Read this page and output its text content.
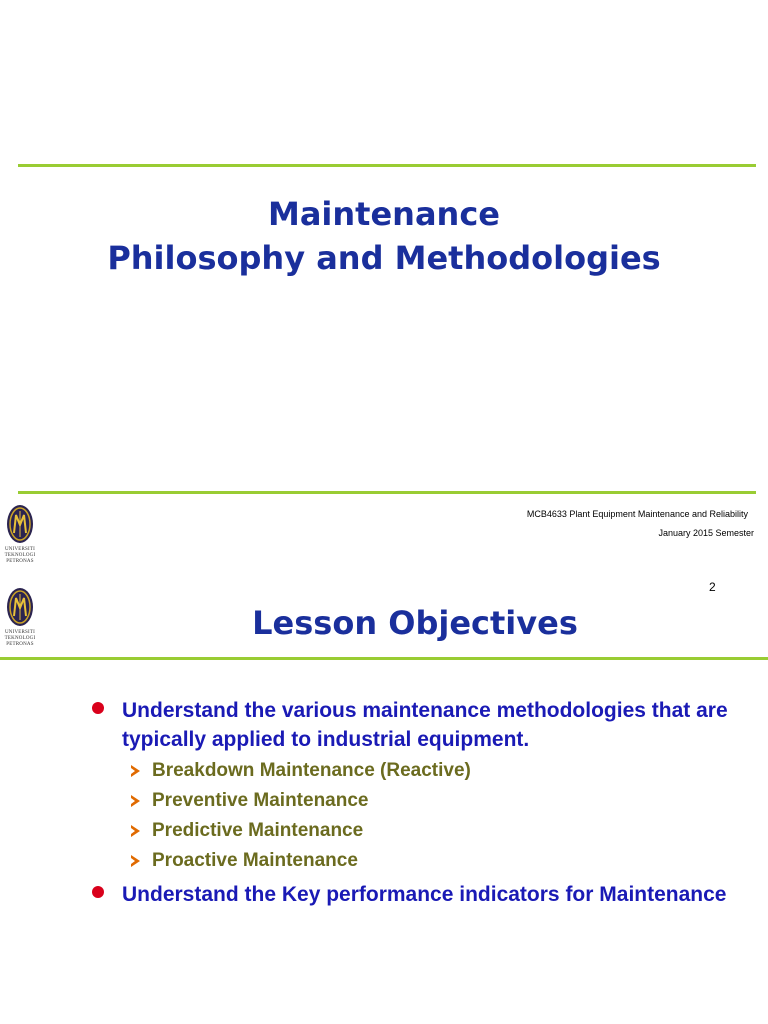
Maintenance
Philosophy and Methodologies
UNIVERSITI
TEKNOLOGI
PETRONAS
MCB4633 Plant Equipment Maintenance and Reliability
January 2015 Semester
UNIVERSITI
TEKNOLOGI
PETRONAS
2
Lesson Objectives
Understand the various maintenance methodologies that are typically applied to industrial equipment.
Breakdown Maintenance (Reactive)
Preventive Maintenance
Predictive Maintenance
Proactive Maintenance
Understand the Key performance indicators for Maintenance
